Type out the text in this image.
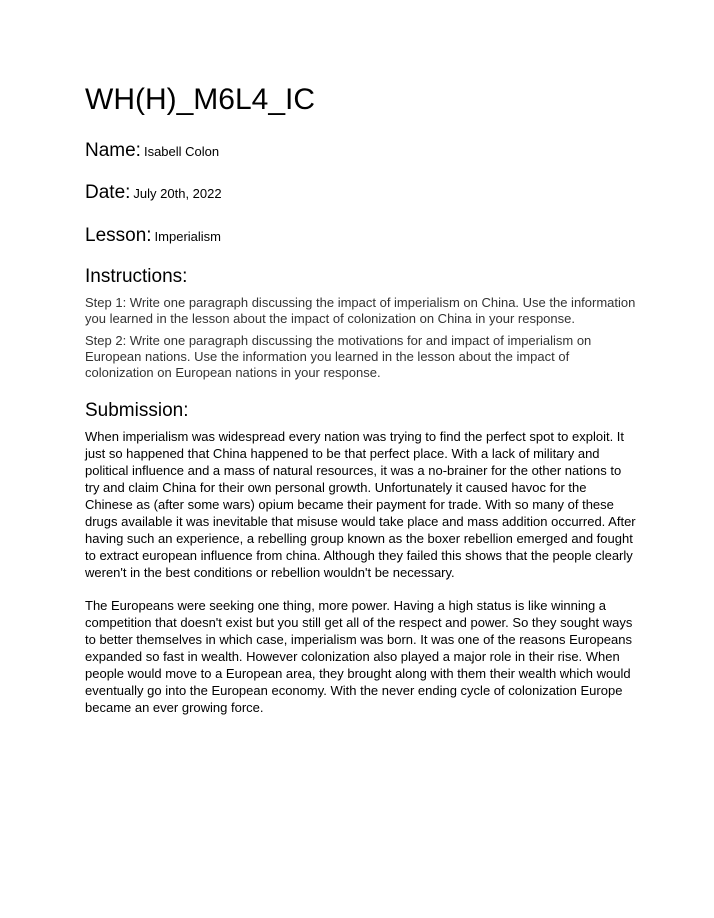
WH(H)_M6L4_IC
Name: Isabell Colon
Date: July 20th, 2022
Lesson: Imperialism
Instructions:

Step 1: Write one paragraph discussing the impact of imperialism on China. Use the information you learned in the lesson about the impact of colonization on China in your response.

Step 2: Write one paragraph discussing the motivations for and impact of imperialism on European nations. Use the information you learned in the lesson about the impact of colonization on European nations in your response.

Submission:

When imperialism was widespread every nation was trying to find the perfect spot to exploit. It just so happened that China happened to be that perfect place. With a lack of military and political influence and a mass of natural resources, it was a no-brainer for the other nations to try and claim China for their own personal growth. Unfortunately it caused havoc for the Chinese as (after some wars) opium became their payment for trade. With so many of these drugs available it was inevitable that misuse would take place and mass addition occurred. After having such an experience, a rebelling group known as the boxer rebellion emerged and fought to extract european influence from china. Although they failed this shows that the people clearly weren't in the best conditions or rebellion wouldn't be necessary.

The Europeans were seeking one thing, more power. Having a high status is like winning a competition that doesn't exist but you still get all of the respect and power. So they sought ways to better themselves in which case, imperialism was born. It was one of the reasons Europeans expanded so fast in wealth. However colonization also played a major role in their rise. When people would move to a European area, they brought along with them their wealth which would eventually go into the European economy. With the never ending cycle of colonization Europe became an ever growing force.
